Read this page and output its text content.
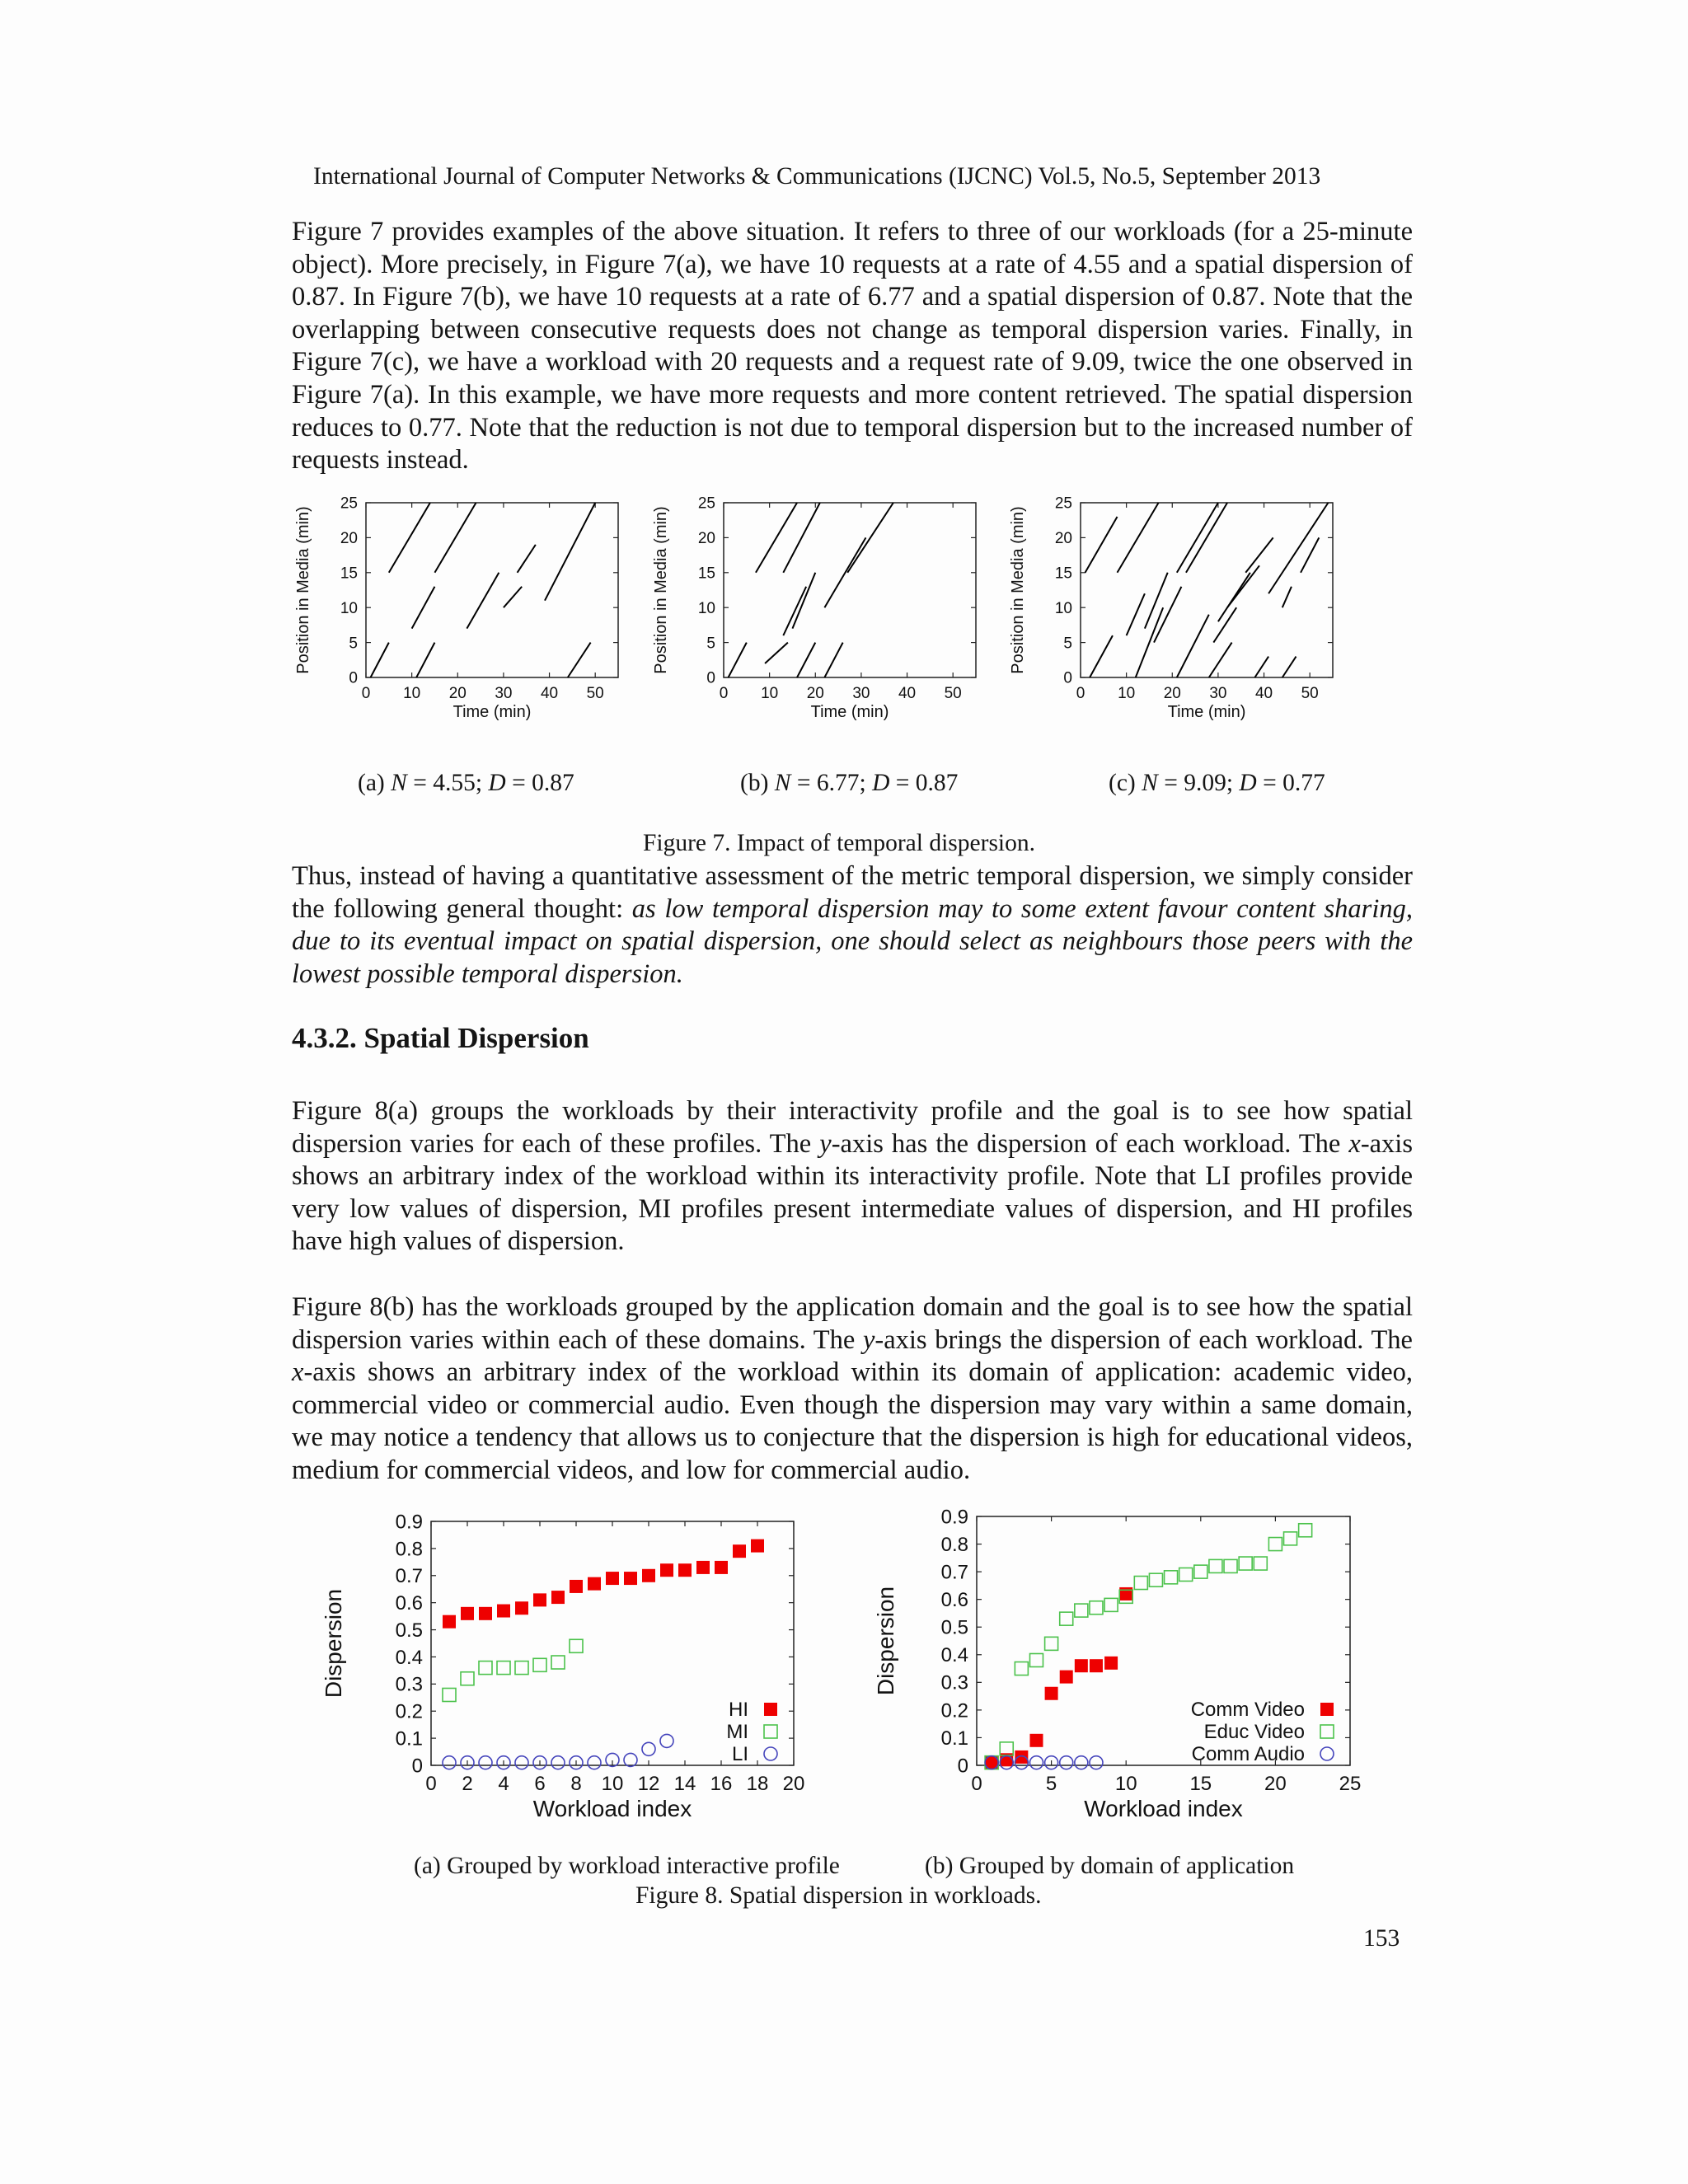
International Journal of Computer Networks & Communications (IJCNC) Vol.5, No.5, September 2013

Figure 7 provides examples of the above situation. It refers to three of our workloads (for a 25-minute object). More precisely, in Figure 7(a), we have 10 requests at a rate of 4.55 and a spatial dispersion of 0.87. In Figure 7(b), we have 10 requests at a rate of 6.77 and a spatial dispersion of 0.87. Note that the overlapping between consecutive requests does not change as temporal dispersion varies. Finally, in Figure 7(c), we have a workload with 20 requests and a request rate of 9.09, twice the one observed in Figure 7(a). In this example, we have more requests and more content retrieved. The spatial dispersion reduces to 0.77. Note that the reduction is not due to temporal dispersion but to the increased number of requests instead.

0 10 20 30 40 50
0
5
10
15
20
25
Time (min)
Position in Media (min)
0 10 20 30 40 50
0
5
10
15
20
25
Time (min)
Position in Media (min)
0 10 20 30 40 50
0
5
10
15
20
25
Time (min)
Position in Media (min)
(a) N = 4.55; D = 0.87	(b) N = 6.77; D = 0.87	(c) N = 9.09; D = 0.77
Figure 7. Impact of temporal dispersion.

Thus, instead of having a quantitative assessment of the metric temporal dispersion, we simply consider the following general thought: as low temporal dispersion may to some extent favour content sharing, due to its eventual impact on spatial dispersion, one should select as neighbours those peers with the lowest possible temporal dispersion.

4.3.2. Spatial Dispersion

Figure 8(a) groups the workloads by their interactivity profile and the goal is to see how spatial dispersion varies for each of these profiles. The y-axis has the dispersion of each workload. The x-axis shows an arbitrary index of the workload within its interactivity profile. Note that LI profiles provide very low values of dispersion, MI profiles present intermediate values of dispersion, and HI profiles have high values of dispersion.

Figure 8(b) has the workloads grouped by the application domain and the goal is to see how the spatial dispersion varies within each of these domains. The y-axis brings the dispersion of each workload. The x-axis shows an arbitrary index of the workload within its domain of application: academic video, commercial video or commercial audio. Even though the dispersion may vary within a same domain, we may notice a tendency that allows us to conjecture that the dispersion is high for educational videos, medium for commercial videos, and low for commercial audio.

0 2 4 6 8 10 12 14 16 18 20
0
0.1
0.2
0.3
0.4
0.5
0.6
0.7
0.8
0.9
Workload index
Dispersion
HI
MI
LI
0	5	10	15	20	25
0
0.1
0.2
0.3
0.4
0.5
0.6
0.7
0.8
0.9
Workload index
Dispersion
Comm Video
Educ Video
Comm Audio
(a) Grouped by workload interactive profile	(b) Grouped by domain of application
Figure 8. Spatial dispersion in workloads.
153
